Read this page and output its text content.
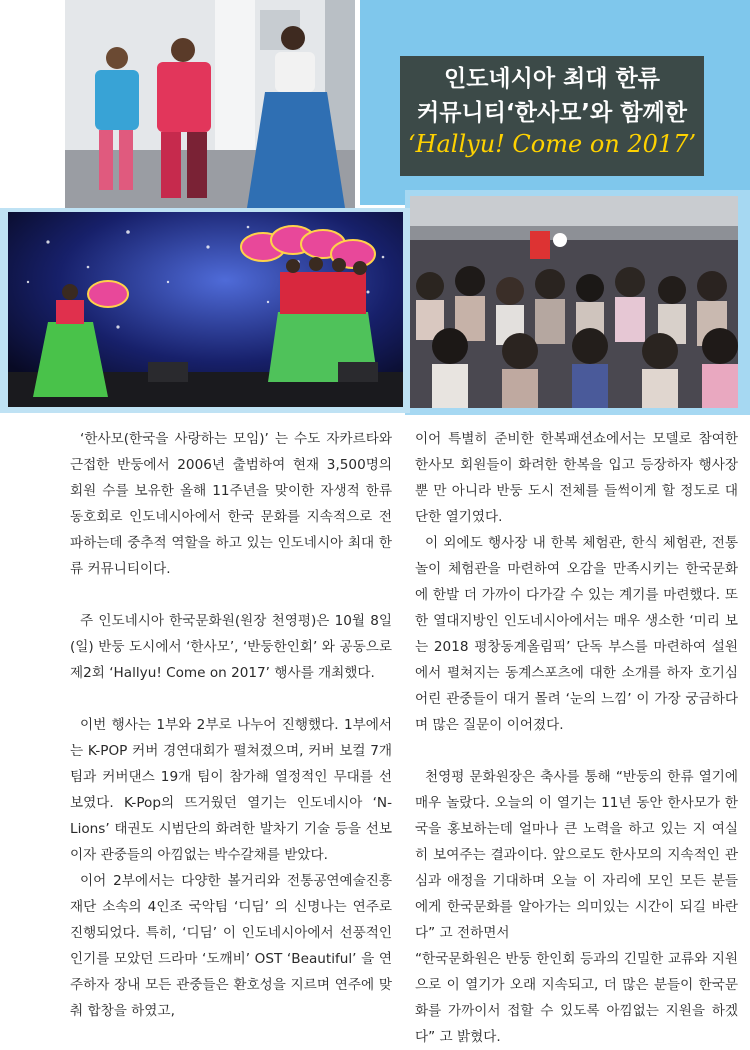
인도네시아 최대 한류
커뮤니티‘한사모’와 함께한
‘Hallyu! Come on 2017’

‘한사모(한국을 사랑하는 모임)’ 는 수도 자카르타와 근접한 반둥에서 2006년 출범하여 현재 3,500명의 회원 수를 보유한 올해 11주년을 맞이한 자생적 한류 동호회로 인도네시아에서 한국 문화를 지속적으로 전파하는데 중추적 역할을 하고 있는 인도네시아 최대 한류 커뮤니티이다.

주 인도네시아 한국문화원(원장 천영평)은 10월 8일(일) 반둥 도시에서 ‘한사모’, ‘반둥한인회’ 와 공동으로 제2회 ‘Hallyu! Come on 2017’ 행사를 개최했다.

이번 행사는 1부와 2부로 나누어 진행했다. 1부에서는 K-POP 커버 경연대회가 펼쳐졌으며, 커버 보컬 7개 팀과 커버댄스 19개 팀이 참가해 열정적인 무대를 선보였다. K-Pop의 뜨거웠던 열기는 인도네시아 ‘N-Lions’ 태권도 시범단의 화려한 발차기 기술 등을 선보이자 관중들의 아낌없는 박수갈채를 받았다.

이어 2부에서는 다양한 볼거리와 전통공연예술진흥재단 소속의 4인조 국악팀 ‘디딤’ 의 신명나는 연주로 진행되었다. 특히, ‘디딤’ 이 인도네시아에서 선풍적인 인기를 모았던 드라마 ‘도깨비’ OST ‘Beautiful’ 을 연주하자 장내 모든 관중들은 환호성을 지르며 연주에 맞춰 합창을 하였고,

이어 특별히 준비한 한복패션쇼에서는 모델로 참여한 한사모 회원들이 화려한 한복을 입고 등장하자 행사장 뿐 만 아니라 반둥 도시 전체를 들썩이게 할 정도로 대단한 열기였다.

이 외에도 행사장 내 한복 체험관, 한식 체험관, 전통놀이 체험관을 마련하여 오감을 만족시키는 한국문화에 한발 더 가까이 다가갈 수 있는 계기를 마련했다. 또한 열대지방인 인도네시아에서는 매우 생소한 ‘미리 보는 2018 평창동계올림픽’ 단독 부스를 마련하여 설원에서 펼쳐지는 동계스포츠에 대한 소개를 하자 호기심어린 관중들이 대거 몰려 ‘눈의 느낌’ 이 가장 궁금하다며 많은 질문이 이어졌다.

천영평 문화원장은 축사를 통해 “반둥의 한류 열기에 매우 놀랐다. 오늘의 이 열기는 11년 동안 한사모가 한국을 홍보하는데 얼마나 큰 노력을 하고 있는 지 여실히 보여주는 결과이다. 앞으로도 한사모의 지속적인 관심과 애정을 기대하며 오늘 이 자리에 모인 모든 분들에게 한국문화를 알아가는 의미있는 시간이 되길 바란다” 고 전하면서

“한국문화원은 반둥 한인회 등과의 긴밀한 교류와 지원으로 이 열기가 오래 지속되고, 더 많은 분들이 한국문화를 가까이서 접할 수 있도록 아낌없는 지원을 하겠다” 고 밝혔다.
